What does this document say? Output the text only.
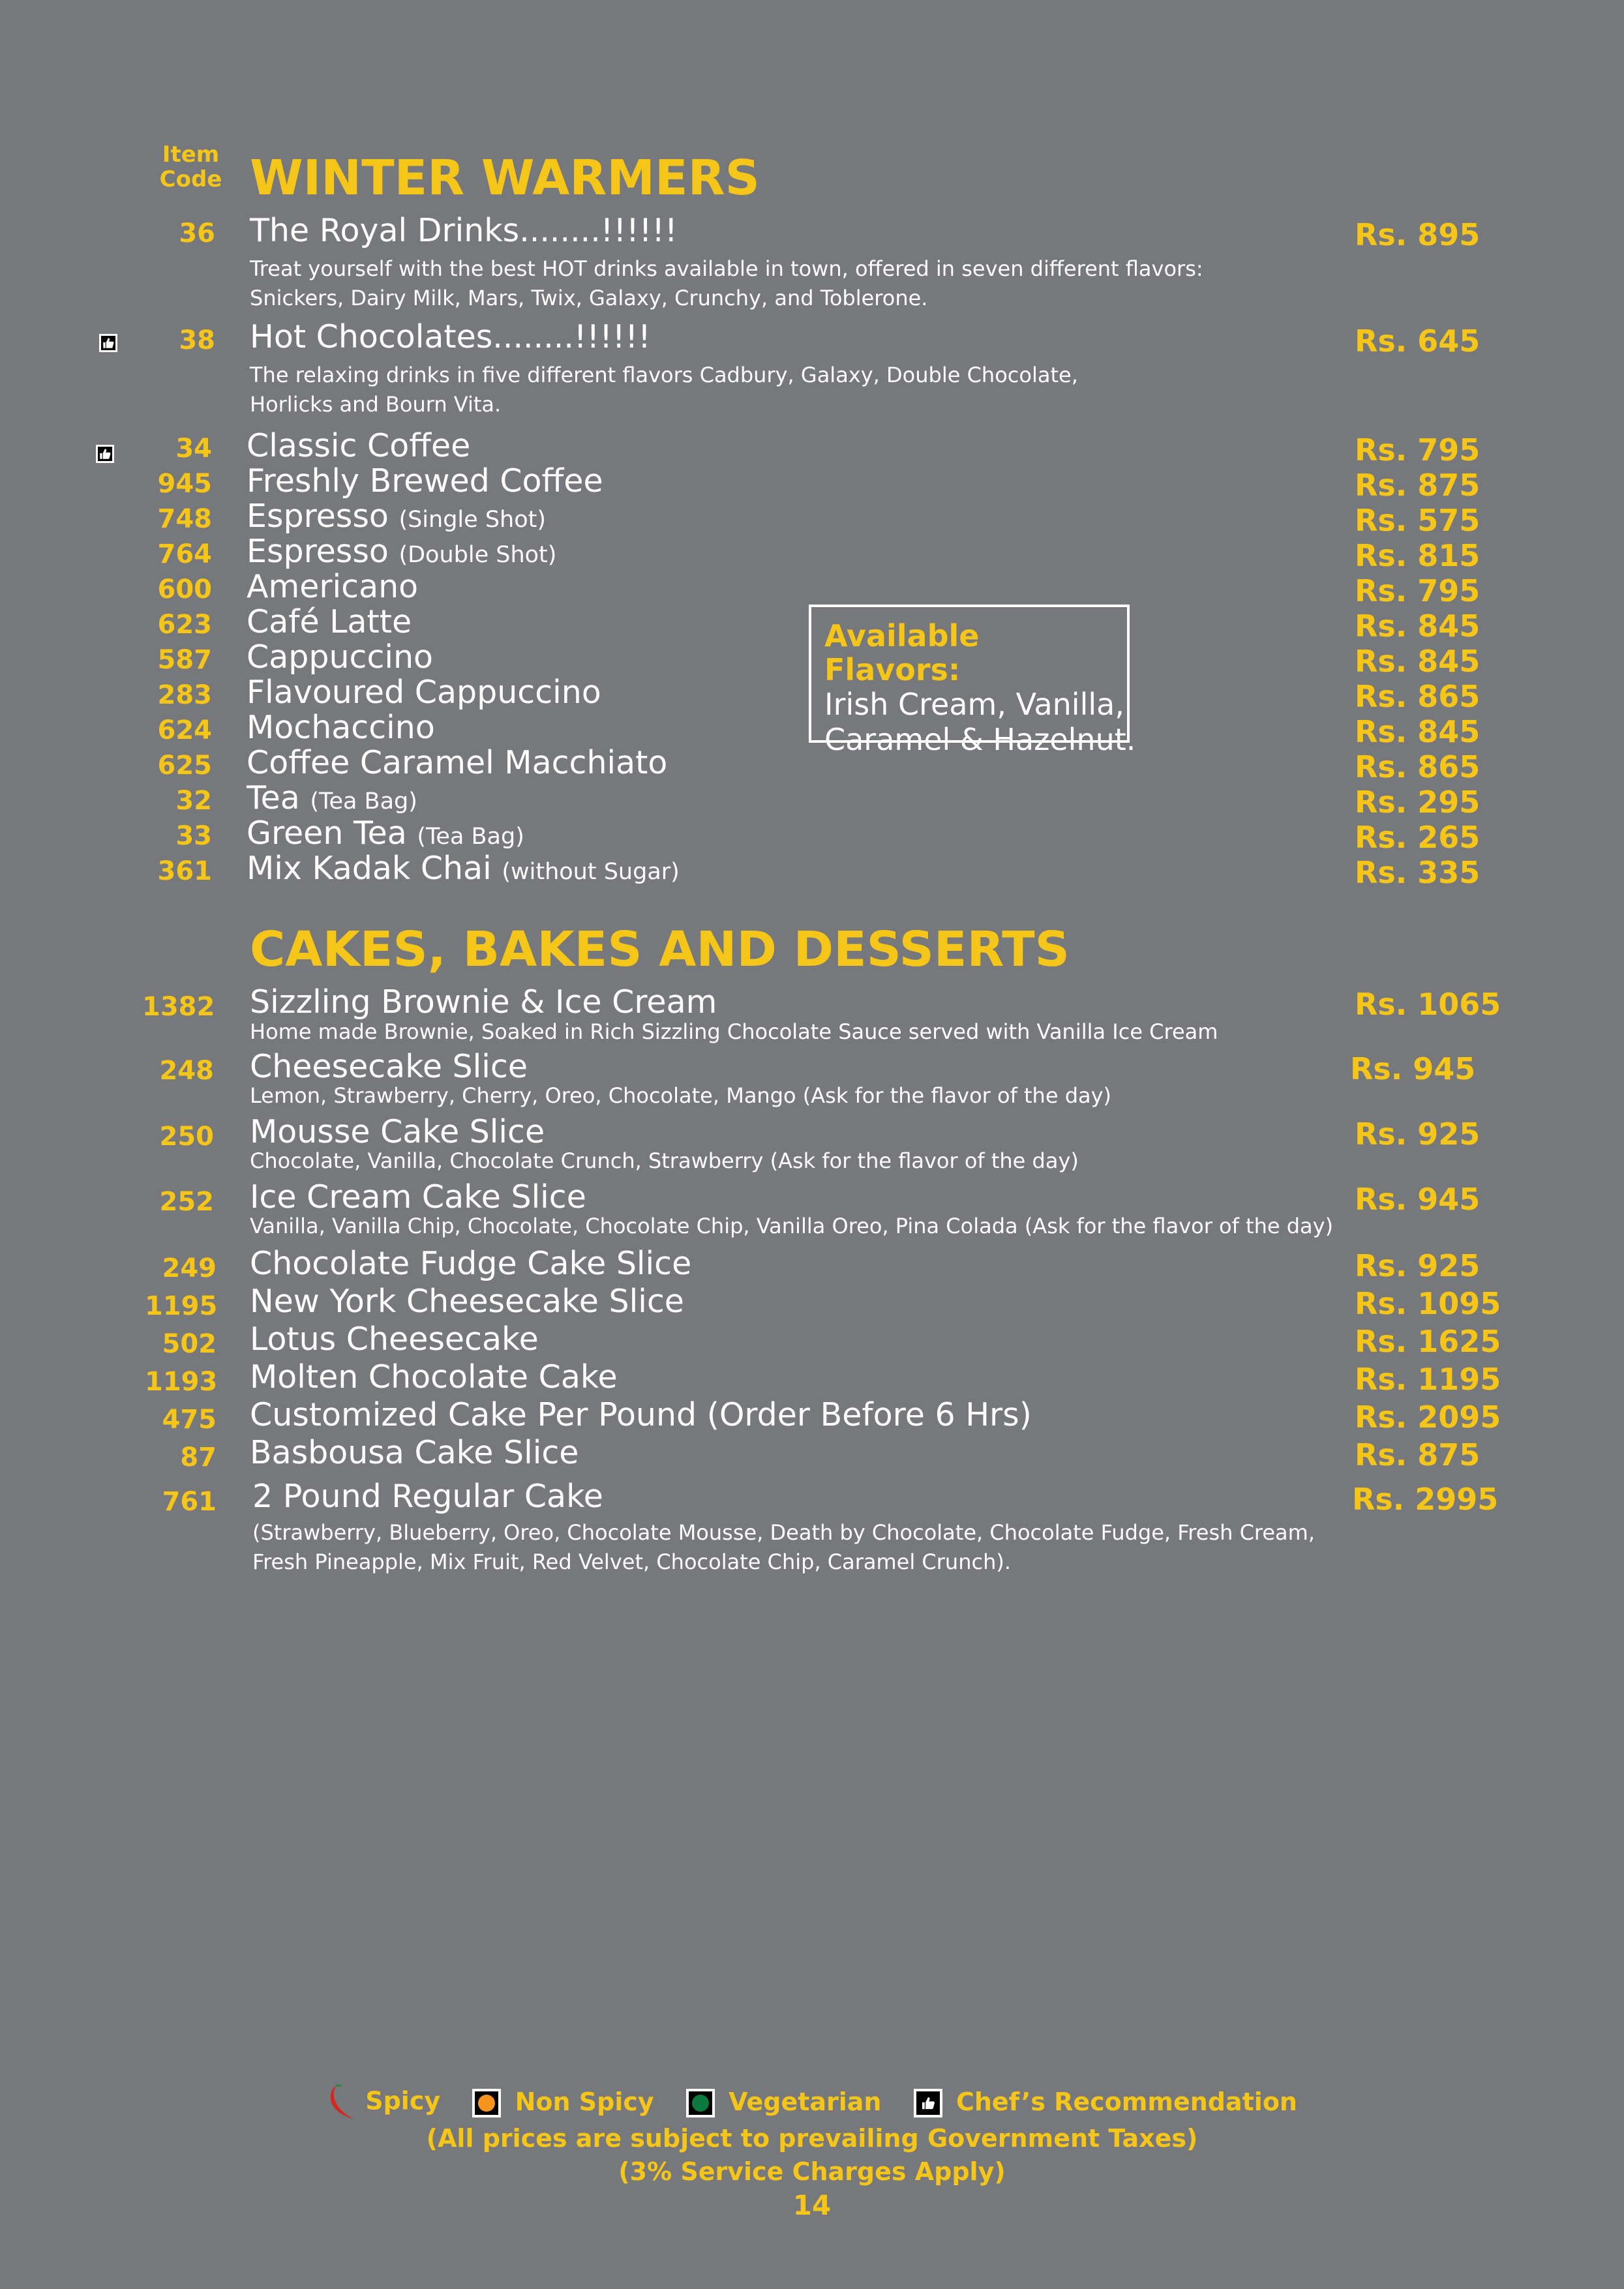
Item
Code WINTER WARMERS
36 The Royal Drinks........!!!!!!	Rs. 895
Treat yourself with the best HOT drinks available in town, offered in seven different flavors:
Snickers, Dairy Milk, Mars, Twix, Galaxy, Crunchy, and Toblerone.
38 Hot Chocolates........!!!!!!	Rs. 645
The relaxing drinks in five different flavors Cadbury, Galaxy, Double Chocolate,
Horlicks and Bourn Vita.
34 Classic Coffee	Rs. 795
945 Freshly Brewed Coffee	Rs. 875
748 Espresso (Single Shot)	Rs. 575
764 Espresso (Double Shot)	Rs. 815
600 Americano	Rs. 795
623 Café Latte	Rs. 845
587 Cappuccino	Rs. 845
283 Flavoured Cappuccino	Rs. 865
624 Mochaccino	Rs. 845
625 Coffee Caramel Macchiato	Rs. 865
32 Tea (Tea Bag)	Rs. 295
33 Green Tea (Tea Bag)	Rs. 265
361 Mix Kadak Chai (without Sugar)	Rs. 335
Available Flavors:
Irish Cream, Vanilla,
Caramel & Hazelnut.
CAKES, BAKES AND DESSERTS
1382 Sizzling Brownie & Ice Cream	Rs. 1065
Home made Brownie, Soaked in Rich Sizzling Chocolate Sauce served with Vanilla Ice Cream
248 Cheesecake Slice	Rs. 945
Lemon, Strawberry, Cherry, Oreo, Chocolate, Mango (Ask for the flavor of the day)
250 Mousse Cake Slice	Rs. 925
Chocolate, Vanilla, Chocolate Crunch, Strawberry (Ask for the flavor of the day)
252 Ice Cream Cake Slice	Rs. 945
Vanilla, Vanilla Chip, Chocolate, Chocolate Chip, Vanilla Oreo, Pina Colada (Ask for the flavor of the day)
249 Chocolate Fudge Cake Slice	Rs. 925
1195 New York Cheesecake Slice	Rs. 1095
502 Lotus Cheesecake	Rs. 1625
1193 Molten Chocolate Cake	Rs. 1195
475 Customized Cake Per Pound (Order Before 6 Hrs)	Rs. 2095
87 Basbousa Cake Slice	Rs. 875
761 2 Pound Regular Cake	Rs. 2995
(Strawberry, Blueberry, Oreo, Chocolate Mousse, Death by Chocolate, Chocolate Fudge, Fresh Cream,
Fresh Pineapple, Mix Fruit, Red Velvet, Chocolate Chip, Caramel Crunch).
Spicy	Non Spicy	Vegetarian	Chef’s Recommendation
(All prices are subject to prevailing Government Taxes)
(3% Service Charges Apply)
14
